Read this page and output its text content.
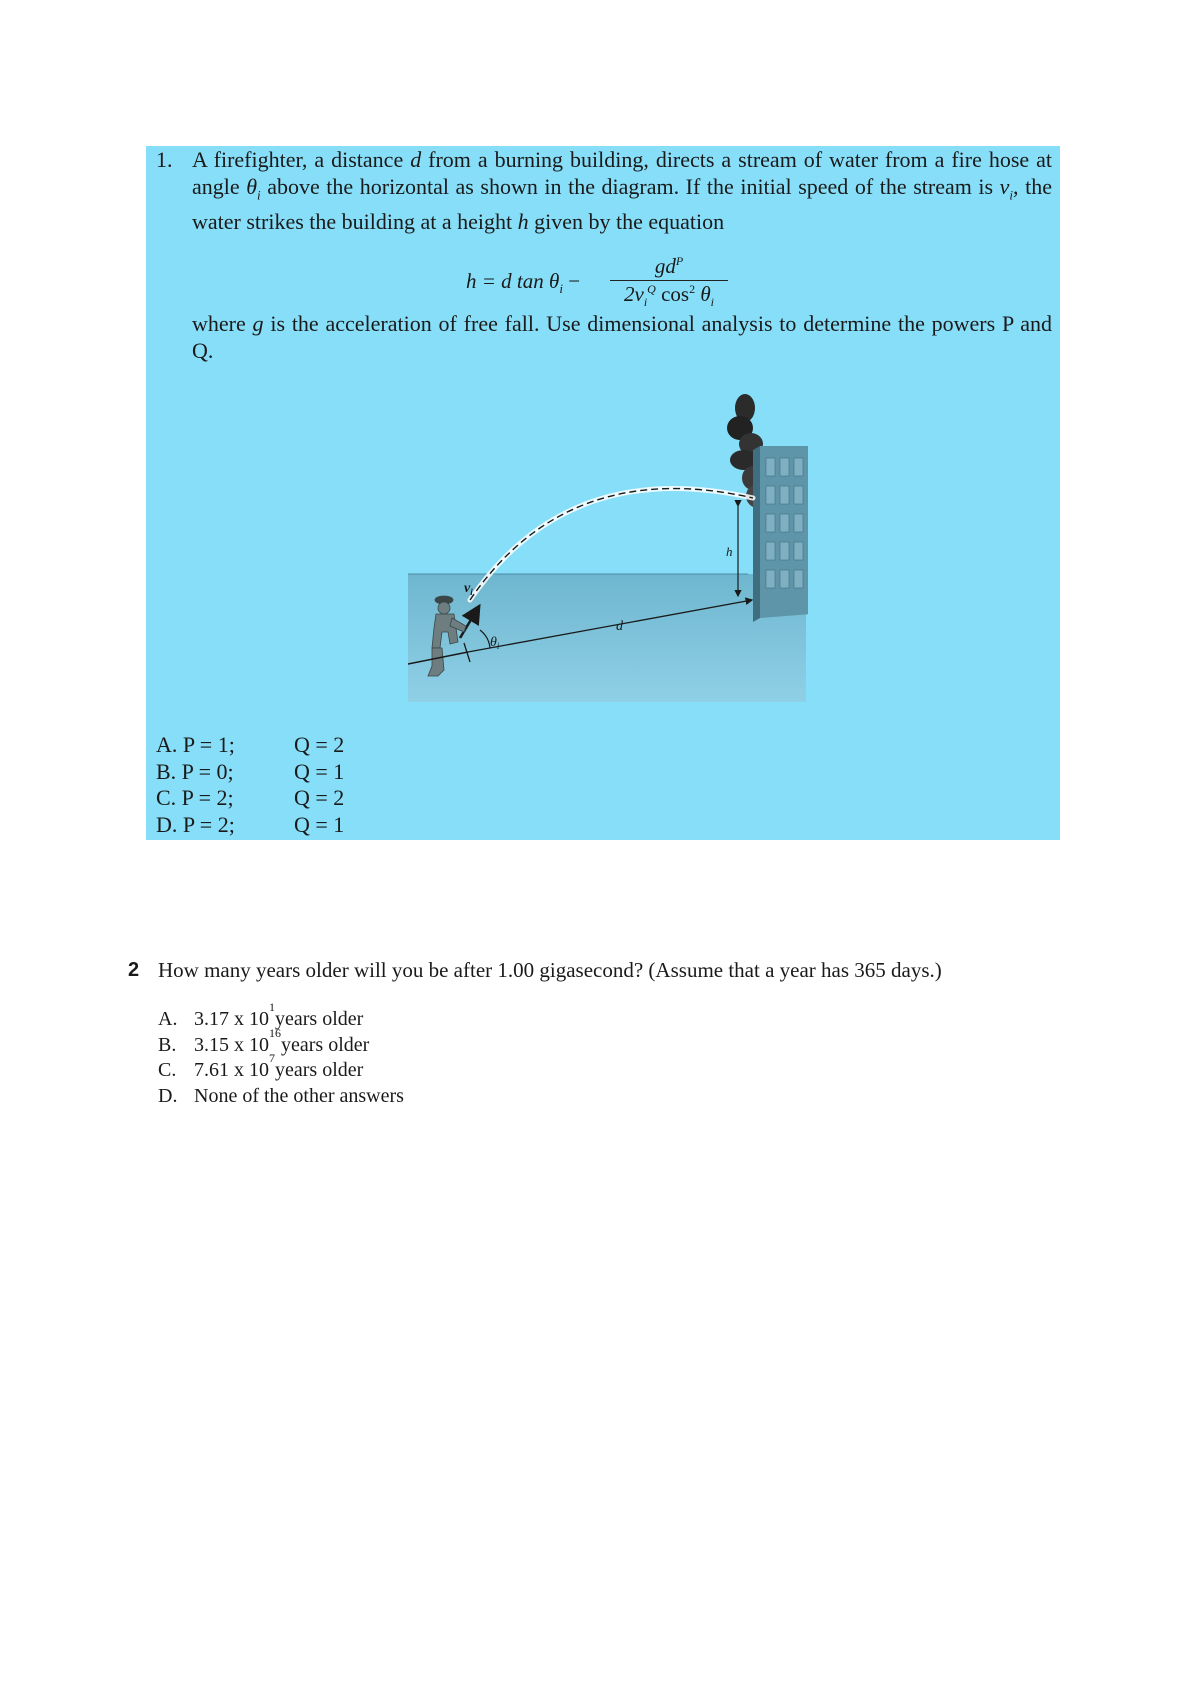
1. A firefighter, a distance d from a burning building, directs a stream of water from a fire hose at angle $\theta_i$ above the horizontal as shown in the diagram. If the initial speed of the stream is $v_i$, the water strikes the building at a height h given by the equation
h = d $\tan \theta_i$ −
$gd^P$
$2v_i^Q$ $\cos^2 \theta_i$
where g is the acceleration of free fall. Use dimensional analysis to determine the powers P and Q.
$v_i$
$\theta_i$
d
h
A. P = 1;	Q = 2
B. P = 0;	Q = 1
C. P = 2;	Q = 2
D. P = 2;	Q = 1
2 How many years older will you be after 1.00 gigasecond? (Assume that a year has 365 days.)
A. 3.17 x 10
1
years older
B. 3.15 x 10
16
years older
C. 7.61 x 10
7
years older
D. None of the other answers
